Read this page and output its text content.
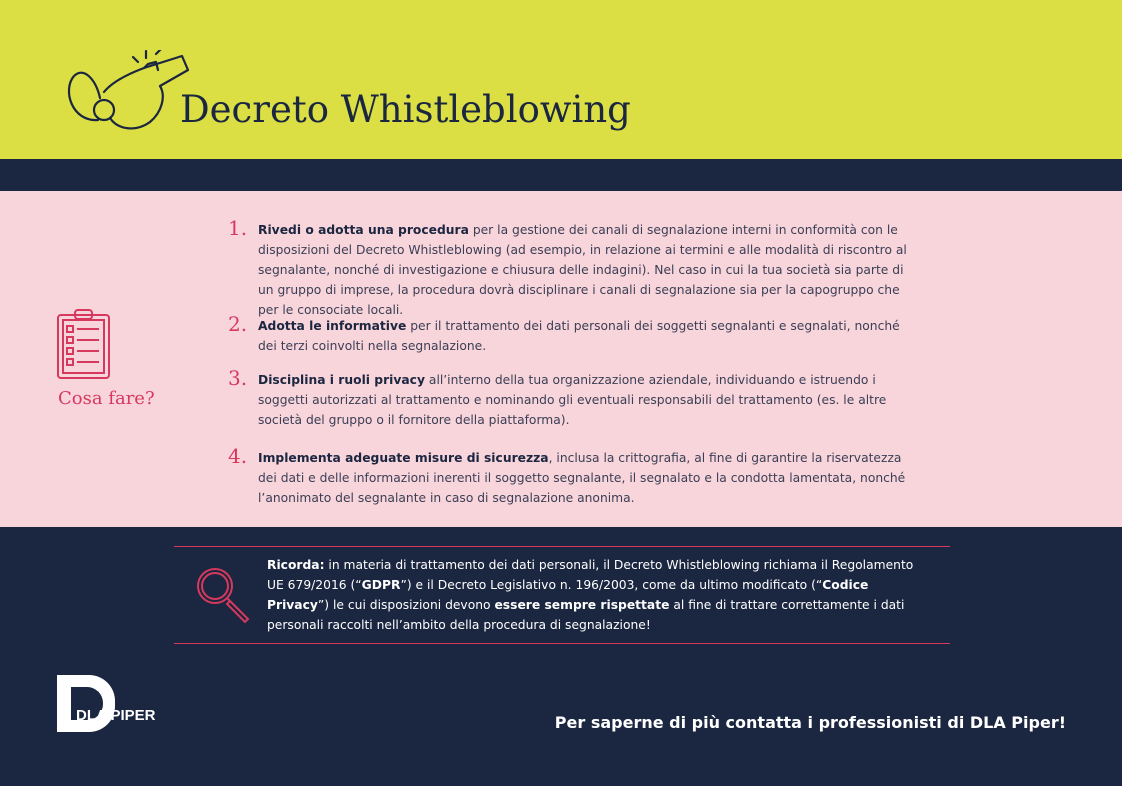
Decreto Whistleblowing
Cosa fare?
1. Rivedi o adotta una procedura per la gestione dei canali di segnalazione interni in conformità con le disposizioni del Decreto Whistleblowing (ad esempio, in relazione ai termini e alle modalità di riscontro al segnalante, nonché di investigazione e chiusura delle indagini). Nel caso in cui la tua società sia parte di un gruppo di imprese, la procedura dovrà disciplinare i canali di segnalazione sia per la capogruppo che per le consociate locali.
2. Adotta le informative per il trattamento dei dati personali dei soggetti segnalanti e segnalati, nonché dei terzi coinvolti nella segnalazione.
3. Disciplina i ruoli privacy all’interno della tua organizzazione aziendale, individuando e istruendo i soggetti autorizzati al trattamento e nominando gli eventuali responsabili del trattamento (es. le altre società del gruppo o il fornitore della piattaforma).
4. Implementa adeguate misure di sicurezza, inclusa la crittografia, al fine di garantire la riservatezza dei dati e delle informazioni inerenti il soggetto segnalante, il segnalato e la condotta lamentata, nonché l’anonimato del segnalante in caso di segnalazione anonima.
Ricorda: in materia di trattamento dei dati personali, il Decreto Whistleblowing richiama il Regolamento UE 679/2016 (“GDPR”) e il Decreto Legislativo n. 196/2003, come da ultimo modificato (“Codice Privacy”) le cui disposizioni devono essere sempre rispettate al fine di trattare correttamente i dati personali raccolti nell’ambito della procedura di segnalazione!
DLA PIPER	Per saperne di più contatta i professionisti di DLA Piper!
